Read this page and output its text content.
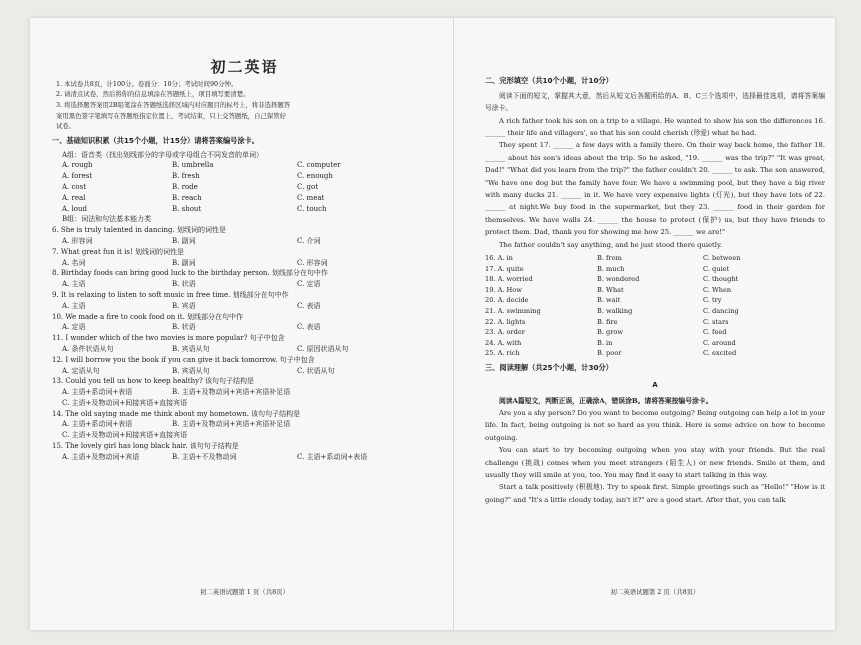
初二英语
1. 本试卷共8页，计100分。卷面分：10分；考试时间90分钟。
2. 请清点试卷，然后将你的信息填涂在答题纸上，项目填写要清楚。
3. 将选择题答案用2B铅笔涂在答题纸选择区域内对应题目的标号上，将非选择题答
案用黑色签字笔填写在答题纸指定位置上，考试结束，只上交答题纸，自己保管好
试卷。
一、基础知识积累（共15个小题，计15分）请将答案编号涂卡。
A组：语音类（找出划线部分的字母或字母组合不同发音的单词）
A. rough	B. umbrella	C. computer
A. forest	B. fresh	C. enough
A. cost	B. rode	C. got
A. real	B. reach	C. meat
A. loud	B. shout	C. touch
B组：词法和句法基本能力类
6. She is truly talented in dancing. 划线词的词性是
A. 形容词	B. 副词	C. 介词
7. What great fun it is! 划线词的词性是
A. 名词	B. 副词	C. 形容词
8. Birthday foods can bring good luck to the birthday person. 划线部分在句中作
A. 主语	B. 状语	C. 定语
9. It is relaxing to listen to soft music in free time. 划线部分在句中作
A. 主语	B. 宾语	C. 表语
10. We made a fire to cook food on it. 划线部分在句中作
A. 定语	B. 状语	C. 表语
11. I wonder which of the two movies is more popular? 句子中包含
A. 条件状语从句	B. 宾语从句	C. 原因状语从句
12. I will borrow you the book if you can give it back tomorrow. 句子中包含
A. 定语从句	B. 宾语从句	C. 状语从句
13. Could you tell us how to keep healthy? 该句句子结构是
A. 主语+系动词+表语	B. 主语+及物动词+宾语+宾语补足语
C. 主语+及物动词+间接宾语+直接宾语
14. The old saying made me think about my hometown. 该句句子结构是
A. 主语+系动词+表语	B. 主语+及物动词+宾语+宾语补足语
C. 主语+及物动词+间接宾语+直接宾语
15. The lovely girl has long black hair. 该句句子结构是
A. 主语+及物动词+宾语	B. 主语+不及物动词	C. 主语+系动词+表语
初二英语试题第 1 页（共8页）
二、完形填空（共10个小题，计10分）

阅读下面的短文，掌握其大意，然后从短文后各题所给的A、B、C三个选项中，选择最佳选项，请将答案编号涂卡。

A rich father took his son on a trip to a village. He wanted to show his son the differences 16. ______ their life and villagers', so that his son could cherish (珍爱) what he had.

They spent 17. ______ a few days with a family there. On their way back home, the father 18. ______ about his son's ideas about the trip. So he asked, "19. ______ was the trip?" "It was great, Dad!" "What did you learn from the trip?" the father couldn't 20. ______ to ask. The son answered, "We have one dog but the family have four. We have a swimming pool, but they have a big river with many ducks 21. ______ in it. We have very expensive lights (灯光), but they have lots of 22. ______ at night.We buy food in the supermarket, but they 23. ______ food in their garden for themselves. We have walls 24. ______ the house to protect (保护) us, but they have friends to protect them. Dad, thank you for showing me how 25. ______ we are!"

The father couldn't say anything, and he just stood there quietly.

16. A. in	B. from	C. between
17. A. quite	B. much	C. quiet
18. A. worried	B. wondered	C. thought
19. A. How	B. What	C. When
20. A. decide	B. wait	C. try
21. A. swimming	B. walking	C. dancing
22. A. lights	B. fire	C. stars
23. A. order	B. grow	C. feed
24. A. with	B. in	C. around
25. A. rich	B. poor	C. excited
三、阅读理解（共25个小题，计30分）
A

阅读A篇短文，判断正误，正确涂A，错误涂B。请将答案按编号涂卡。

Are you a shy person? Do you want to become outgoing? Being outgoing can help a lot in your life. In fact, being outgoing is not so hard as you think. Here is some advice on how to become outgoing.

You can start to try becoming outgoing when you stay with your friends. But the real challenge (挑战) comes when you meet strangers (陌生人) or new friends. Smile at them, and usually they will smile at you, too. You may find it easy to start talking in this way.

Start a talk positively (积极地). Try to speak first. Simple greetings such as "Hello!" "How is it going?" and "It's a little cloudy today, isn't it?" are a good start. After that, you can talk

初二英语试题第 2 页（共8页）
